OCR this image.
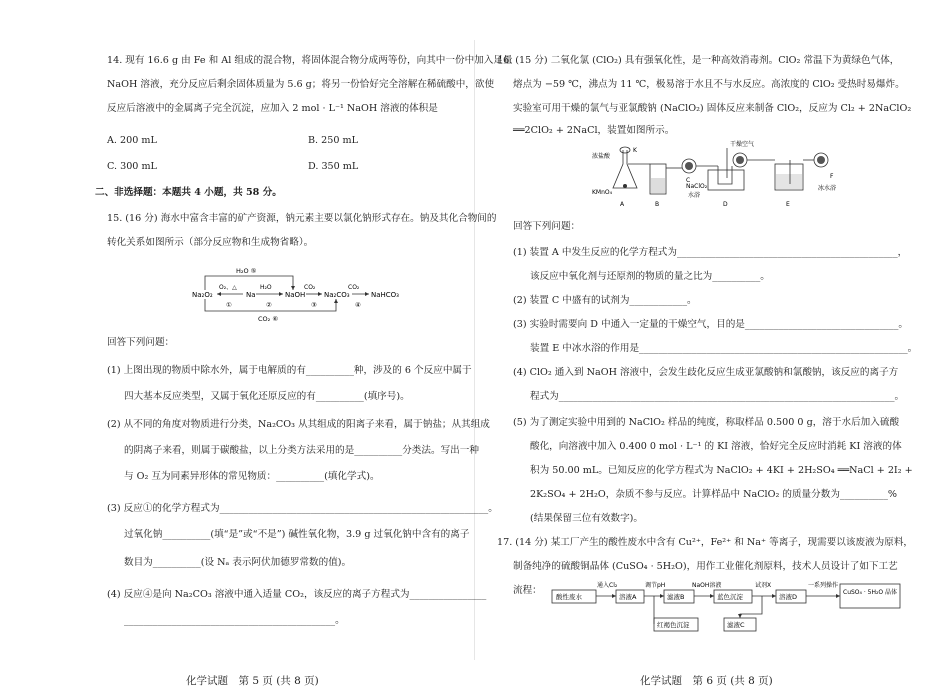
14. 现有 16.6 g 由 Fe 和 Al 组成的混合物，将固体混合物分成两等份，向其中一份中加入足量

NaOH 溶液，充分反应后剩余固体质量为 5.6 g；将另一份恰好完全溶解在稀硫酸中，欲使

反应后溶液中的金属离子完全沉淀，应加入 2 mol · L⁻¹ NaOH 溶液的体积是

A. 200 mL	B. 250 mL

C. 300 mL	D. 350 mL

二、非选择题：本题共 4 小题，共 58 分。

15. (16 分) 海水中富含丰富的矿产资源，钠元素主要以氯化钠形式存在。钠及其化合物间的

转化关系如图所示（部分反应物和生成物省略）。

H₂O ⑤
O₂、△	H₂O	CO₂	CO₂
Na₂O₂	Na	NaOH	Na₂CO₃	NaHCO₃
①	②	③	④
CO₂ ⑥

回答下列问题：

(1) 上图出现的物质中除水外，属于电解质的有__________种，涉及的 6 个反应中属于

四大基本反应类型，又属于氧化还原反应的有__________(填序号)。

(2) 从不同的角度对物质进行分类，Na₂CO₃ 从其组成的阳离子来看，属于钠盐；从其组成

的阴离子来看，则属于碳酸盐，以上分类方法采用的是__________分类法。写出一种

与 O₂ 互为同素异形体的常见物质：__________(填化学式)。

(3) 反应①的化学方程式为________________________________________________________。

过氧化钠__________(填“是”或“不是”) 碱性氧化物，3.9 g 过氧化钠中含有的离子

数目为__________(设 Nₐ 表示阿伏加德罗常数的值)。

(4) 反应④是向 Na₂CO₃ 溶液中通入适量 CO₂，该反应的离子方程式为________________

____________________________________________。

化学试题　第 5 页 (共 8 页)

16. (15 分) 二氧化氯 (ClO₂) 具有强氧化性，是一种高效消毒剂。ClO₂ 常温下为黄绿色气体，

熔点为 −59 ℃，沸点为 11 ℃，极易溶于水且不与水反应。高浓度的 ClO₂ 受热时易爆炸。

实验室可用干燥的氯气与亚氯酸钠 (NaClO₂) 固体反应来制备 ClO₂，反应为 Cl₂ + 2NaClO₂

══2ClO₂ + 2NaCl，装置如图所示。

浓盐酸
K
KMnO₄
干燥空气
NaClO₂
水浴
冰水浴
A	B
C
D	E
F

回答下列问题：

(1) 装置 A 中发生反应的化学方程式为______________________________________________，

该反应中氧化剂与还原剂的物质的量之比为__________。

(2) 装置 C 中盛有的试剂为____________。

(3) 实验时需要向 D 中通入一定量的干燥空气，目的是________________________________。

装置 E 中冰水浴的作用是________________________________________________________。

(4) ClO₂ 通入到 NaOH 溶液中，会发生歧化反应生成亚氯酸钠和氯酸钠，该反应的离子方

程式为______________________________________________________________________。

(5) 为了测定实验中用到的 NaClO₂ 样品的纯度，称取样品 0.500 0 g，溶于水后加入硫酸

酸化，向溶液中加入 0.400 0 mol · L⁻¹ 的 KI 溶液，恰好完全反应时消耗 KI 溶液的体

积为 50.00 mL。已知反应的化学方程式为 NaClO₂ + 4KI + 2H₂SO₄ ══NaCl + 2I₂ +

2K₂SO₄ + 2H₂O，杂质不参与反应。计算样品中 NaClO₂ 的质量分数为__________%

(结果保留三位有效数字)。

17. (14 分) 某工厂产生的酸性废水中含有 Cu²⁺，Fe²⁺ 和 Na⁺ 等离子，现需要以该废液为原料，

制备纯净的硫酸铜晶体 (CuSO₄ · 5H₂O)，用作工业催化剂原料，技术人员设计了如下工艺

流程：

酸性废水	溶液A	滤液B	蓝色沉淀	溶液D
CuSO₄ · 5H₂O 晶体
红褐色沉淀	滤液C
通入Cl₂	调节pH	NaOH溶液	试剂X	一系列操作

化学试题　第 6 页 (共 8 页)
